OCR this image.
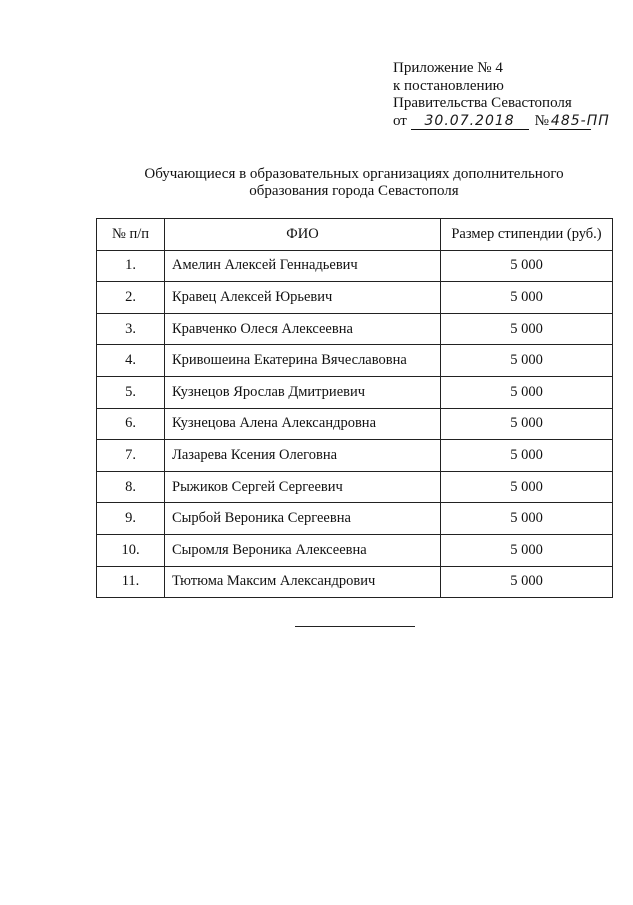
Приложение № 4
к постановлению
Правительства Севастополя
от 30.07.2018 № 485-ПП
Обучающиеся в образовательных организациях дополнительного
образования города Севастополя
№ п/п	ФИО	Размер стипендии (руб.)
1.	Амелин Алексей Геннадьевич	5 000
2.	Кравец Алексей Юрьевич	5 000
3.	Кравченко Олеся Алексеевна	5 000
4.	Кривошеина Екатерина Вячеславовна	5 000
5.	Кузнецов Ярослав Дмитриевич	5 000
6.	Кузнецова Алена Александровна	5 000
7.	Лазарева Ксения Олеговна	5 000
8.	Рыжиков Сергей Сергеевич	5 000
9.	Сырбой Вероника Сергеевна	5 000
10.	Сыромля Вероника Алексеевна	5 000
11.	Тютюма Максим Александрович	5 000
